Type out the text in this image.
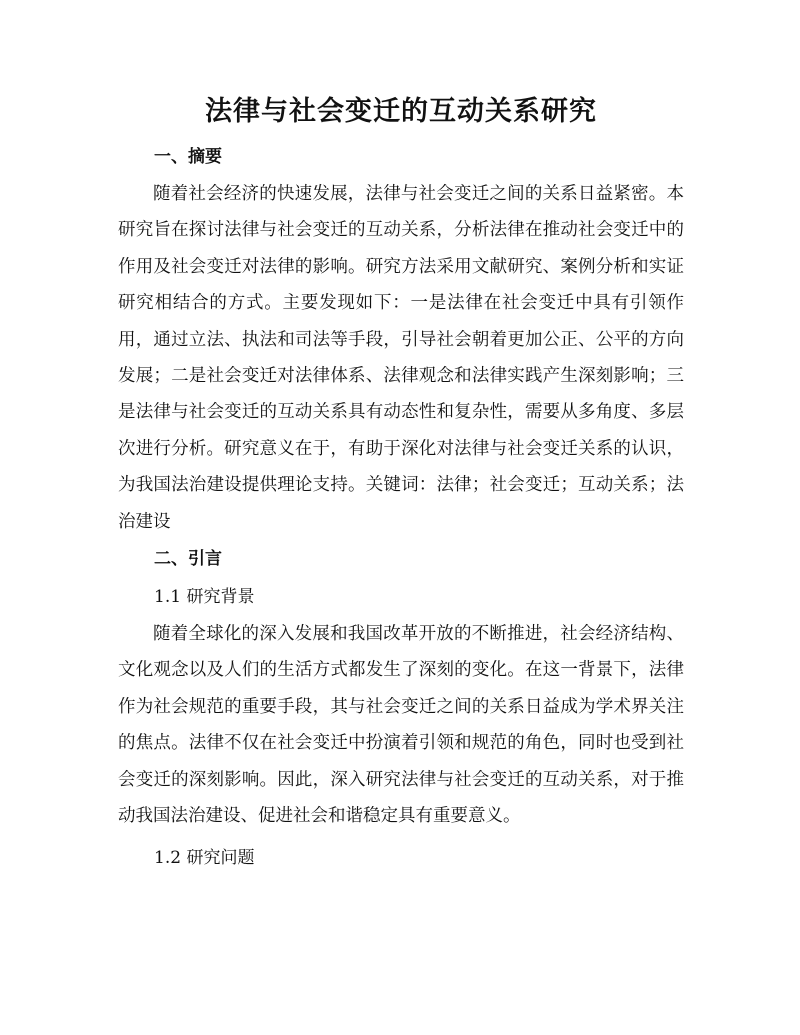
法律与社会变迁的互动关系研究
一、摘要

随着社会经济的快速发展，法律与社会变迁之间的关系日益紧密。本研究旨在探讨法律与社会变迁的互动关系，分析法律在推动社会变迁中的作用及社会变迁对法律的影响。研究方法采用文献研究、案例分析和实证研究相结合的方式。主要发现如下：一是法律在社会变迁中具有引领作用，通过立法、执法和司法等手段，引导社会朝着更加公正、公平的方向发展；二是社会变迁对法律体系、法律观念和法律实践产生深刻影响；三是法律与社会变迁的互动关系具有动态性和复杂性，需要从多角度、多层次进行分析。研究意义在于，有助于深化对法律与社会变迁关系的认识，为我国法治建设提供理论支持。关键词：法律；社会变迁；互动关系；法治建设

二、引言
1.1 研究背景

随着全球化的深入发展和我国改革开放的不断推进，社会经济结构、文化观念以及人们的生活方式都发生了深刻的变化。在这一背景下，法律作为社会规范的重要手段，其与社会变迁之间的关系日益成为学术界关注的焦点。法律不仅在社会变迁中扮演着引领和规范的角色，同时也受到社会变迁的深刻影响。因此，深入研究法律与社会变迁的互动关系，对于推动我国法治建设、促进社会和谐稳定具有重要意义。

1.2 研究问题
